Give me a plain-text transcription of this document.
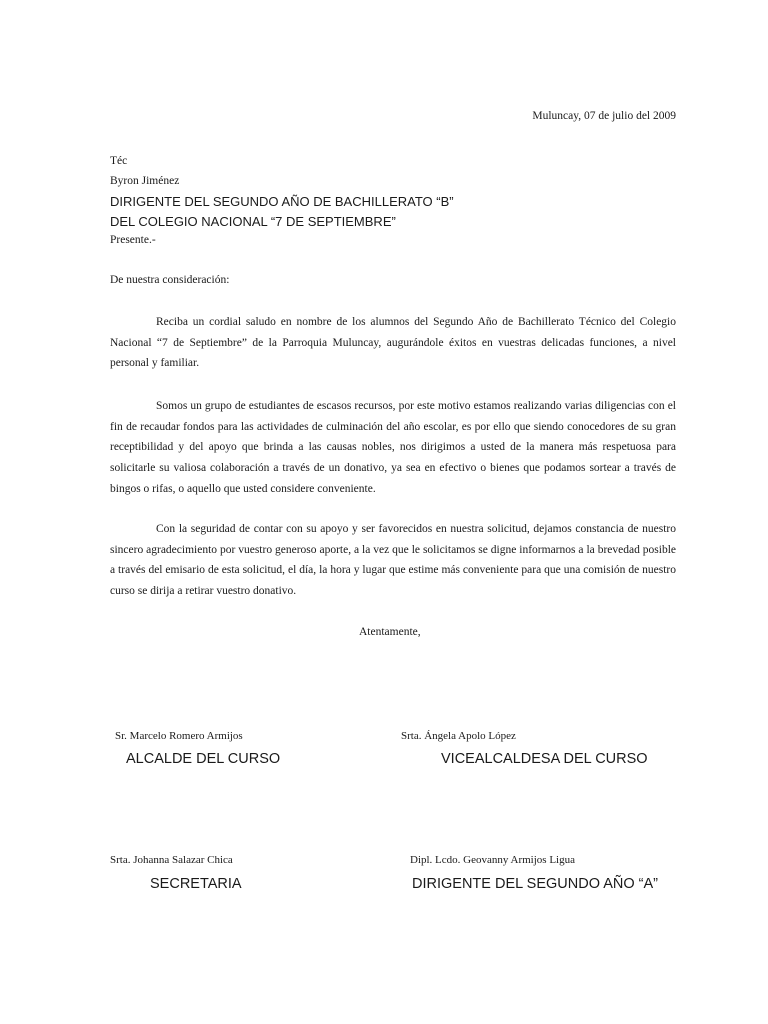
Muluncay, 07 de julio del 2009
Téc
Byron Jiménez
DIRIGENTE DEL SEGUNDO AÑO DE BACHILLERATO “B”
DEL COLEGIO NACIONAL “7 DE SEPTIEMBRE”
Presente.-
De nuestra consideración:

Reciba un cordial saludo en nombre de los alumnos del Segundo Año de Bachillerato Técnico del Colegio Nacional “7 de Septiembre” de la Parroquia Muluncay, augurándole éxitos en vuestras delicadas funciones, a nivel personal y familiar.

Somos un grupo de estudiantes de escasos recursos, por este motivo estamos realizando varias diligencias con el fin de recaudar fondos para las actividades de culminación del año escolar, es por ello que siendo conocedores de su gran receptibilidad y del apoyo que brinda a las causas nobles, nos dirigimos a usted de la manera más respetuosa para solicitarle su valiosa colaboración a través de un donativo, ya sea en efectivo o bienes que podamos sortear a través de bingos o rifas, o aquello que usted considere conveniente.

Con la seguridad de contar con su apoyo y ser favorecidos en nuestra solicitud, dejamos constancia de nuestro sincero agradecimiento por vuestro generoso aporte, a la vez que le solicitamos se digne informarnos a la brevedad posible a través del emisario de esta solicitud, el día, la hora y lugar que estime más conveniente para que una comisión de nuestro curso se dirija a retirar vuestro donativo.

Atentamente,
Sr. Marcelo Romero Armijos
ALCALDE DEL CURSO
Srta. Ángela Apolo López
VICEALCALDESA DEL CURSO
Srta. Johanna Salazar Chica
SECRETARIA
Dipl. Lcdo. Geovanny Armijos Ligua
DIRIGENTE DEL SEGUNDO AÑO “A”
